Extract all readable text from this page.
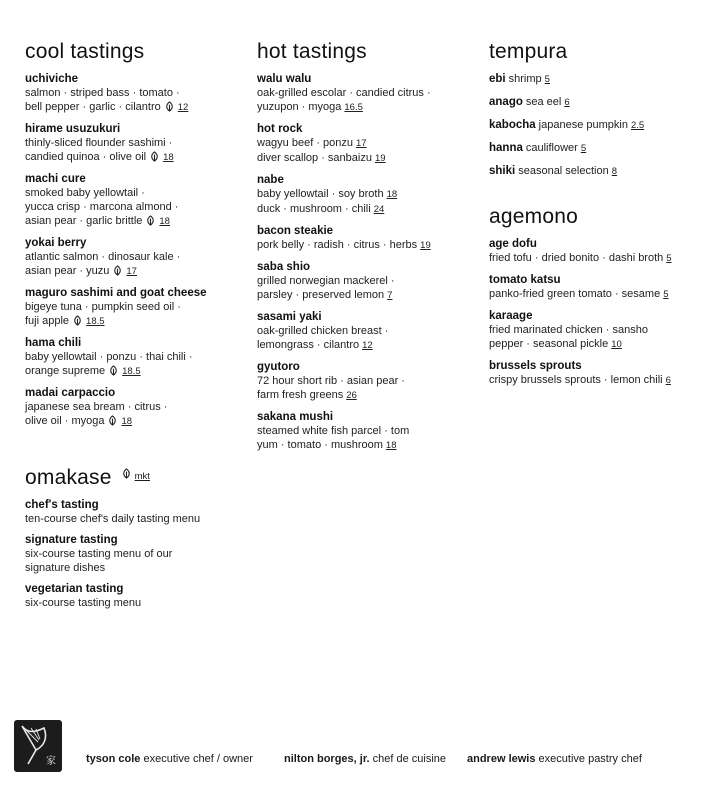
cool tastings
uchiviche
salmon · striped bass · tomato ·
bell pepper · garlic · cilantro 12
hirame usuzukuri
thinly-sliced flounder sashimi ·
candied quinoa · olive oil 18
machi cure
smoked baby yellowtail ·
yucca crisp · marcona almond ·
asian pear · garlic brittle 18
yokai berry
atlantic salmon · dinosaur kale ·
asian pear · yuzu 17
maguro sashimi and goat cheese
bigeye tuna · pumpkin seed oil ·
fuji apple 18.5
hama chili
baby yellowtail · ponzu · thai chili ·
orange supreme 18.5
madai carpaccio
japanese sea bream · citrus ·
olive oil · myoga 18
hot tastings
walu walu
oak-grilled escolar · candied citrus ·
yuzupon · myoga 16.5
hot rock
wagyu beef · ponzu 17
diver scallop · sanbaizu 19
nabe
baby yellowtail · soy broth 18
duck · mushroom · chili 24
bacon steakie
pork belly · radish · citrus · herbs 19
saba shio
grilled norwegian mackerel ·
parsley · preserved lemon 7
sasami yaki
oak-grilled chicken breast ·
lemongrass · cilantro 12
gyutoro
72 hour short rib · asian pear ·
farm fresh greens 26
sakana mushi
steamed white fish parcel · tom
yum · tomato · mushroom 18
tempura
ebi shrimp 5
anago sea eel 6
kabocha japanese pumpkin 2.5
hanna cauliflower 5
shiki seasonal selection 8
agemono
age dofu
fried tofu · dried bonito · dashi broth 5
tomato katsu
panko-fried green tomato · sesame 5
karaage
fried marinated chicken · sansho
pepper · seasonal pickle 10
brussels sprouts
crispy brussels sprouts · lemon chili 6
omakase $^{mkt}$
chef's tasting
ten-course chef's daily tasting menu
signature tasting
six-course tasting menu of our
signature dishes
vegetarian tasting
six-course tasting menu
家	tyson cole executive chef / owner	nilton borges, jr. chef de cuisine andrew lewis executive pastry chef
